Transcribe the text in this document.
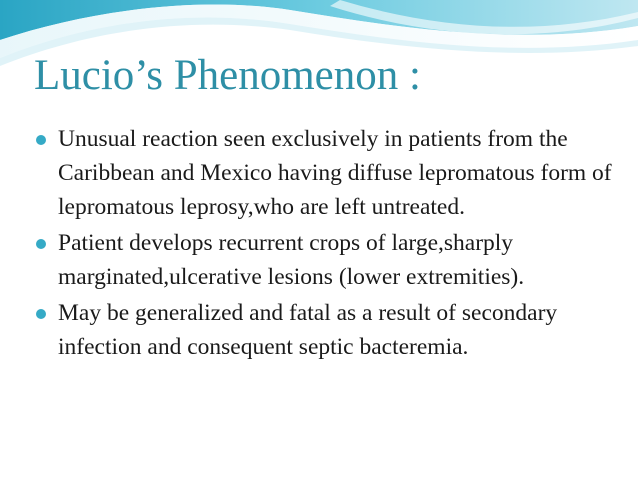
Lucio’s Phenomenon :
Unusual reaction seen exclusively in patients from the Caribbean and Mexico having diffuse lepromatous form of lepromatous leprosy,who are left untreated.
Patient develops recurrent crops of large,sharply marginated,ulcerative lesions (lower extremities).
May be generalized and fatal as a result of secondary infection and consequent septic bacteremia.
